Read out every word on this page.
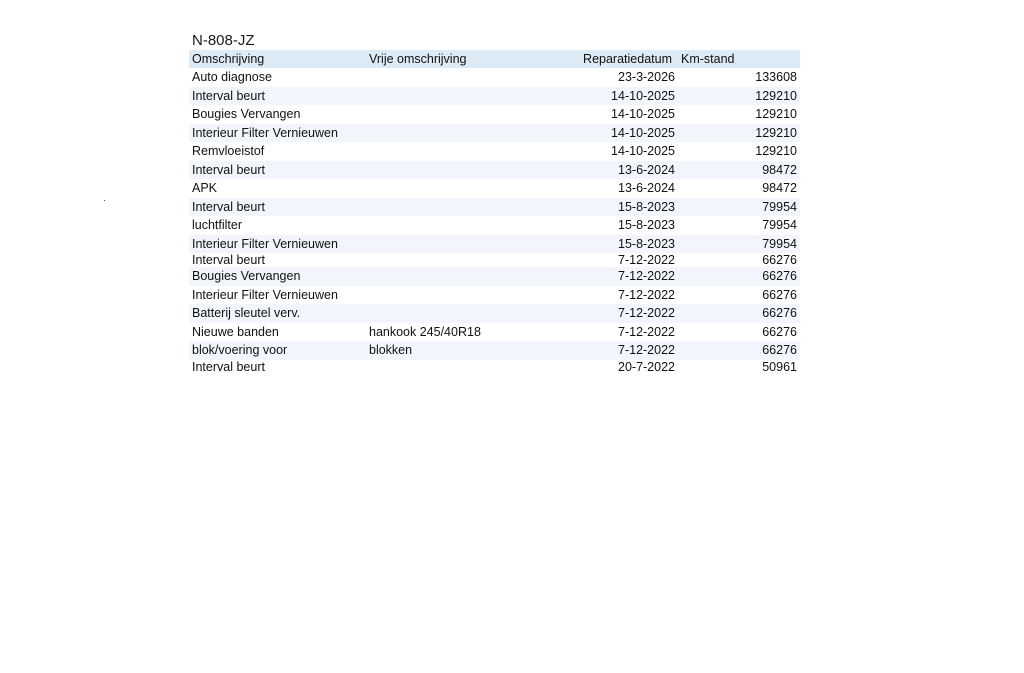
N-808-JZ
Omschrijving	Vrije omschrijving	Reparatiedatum	Km-stand
Auto diagnose		23-3-2026	133608
Interval beurt		14-10-2025	129210
Bougies Vervangen		14-10-2025	129210
Interieur Filter Vernieuwen		14-10-2025	129210
Remvloeistof		14-10-2025	129210
Interval beurt		13-6-2024	98472
APK		13-6-2024	98472
Interval beurt		15-8-2023	79954
luchtfilter		15-8-2023	79954
Interieur Filter Vernieuwen		15-8-2023	79954
Interval beurt		7-12-2022	66276
Bougies Vervangen		7-12-2022	66276
Interieur Filter Vernieuwen		7-12-2022	66276
Batterij sleutel verv.		7-12-2022	66276
Nieuwe banden	hankook 245/40R18	7-12-2022	66276
blok/voering voor	blokken	7-12-2022	66276
Interval beurt		20-7-2022	50961
